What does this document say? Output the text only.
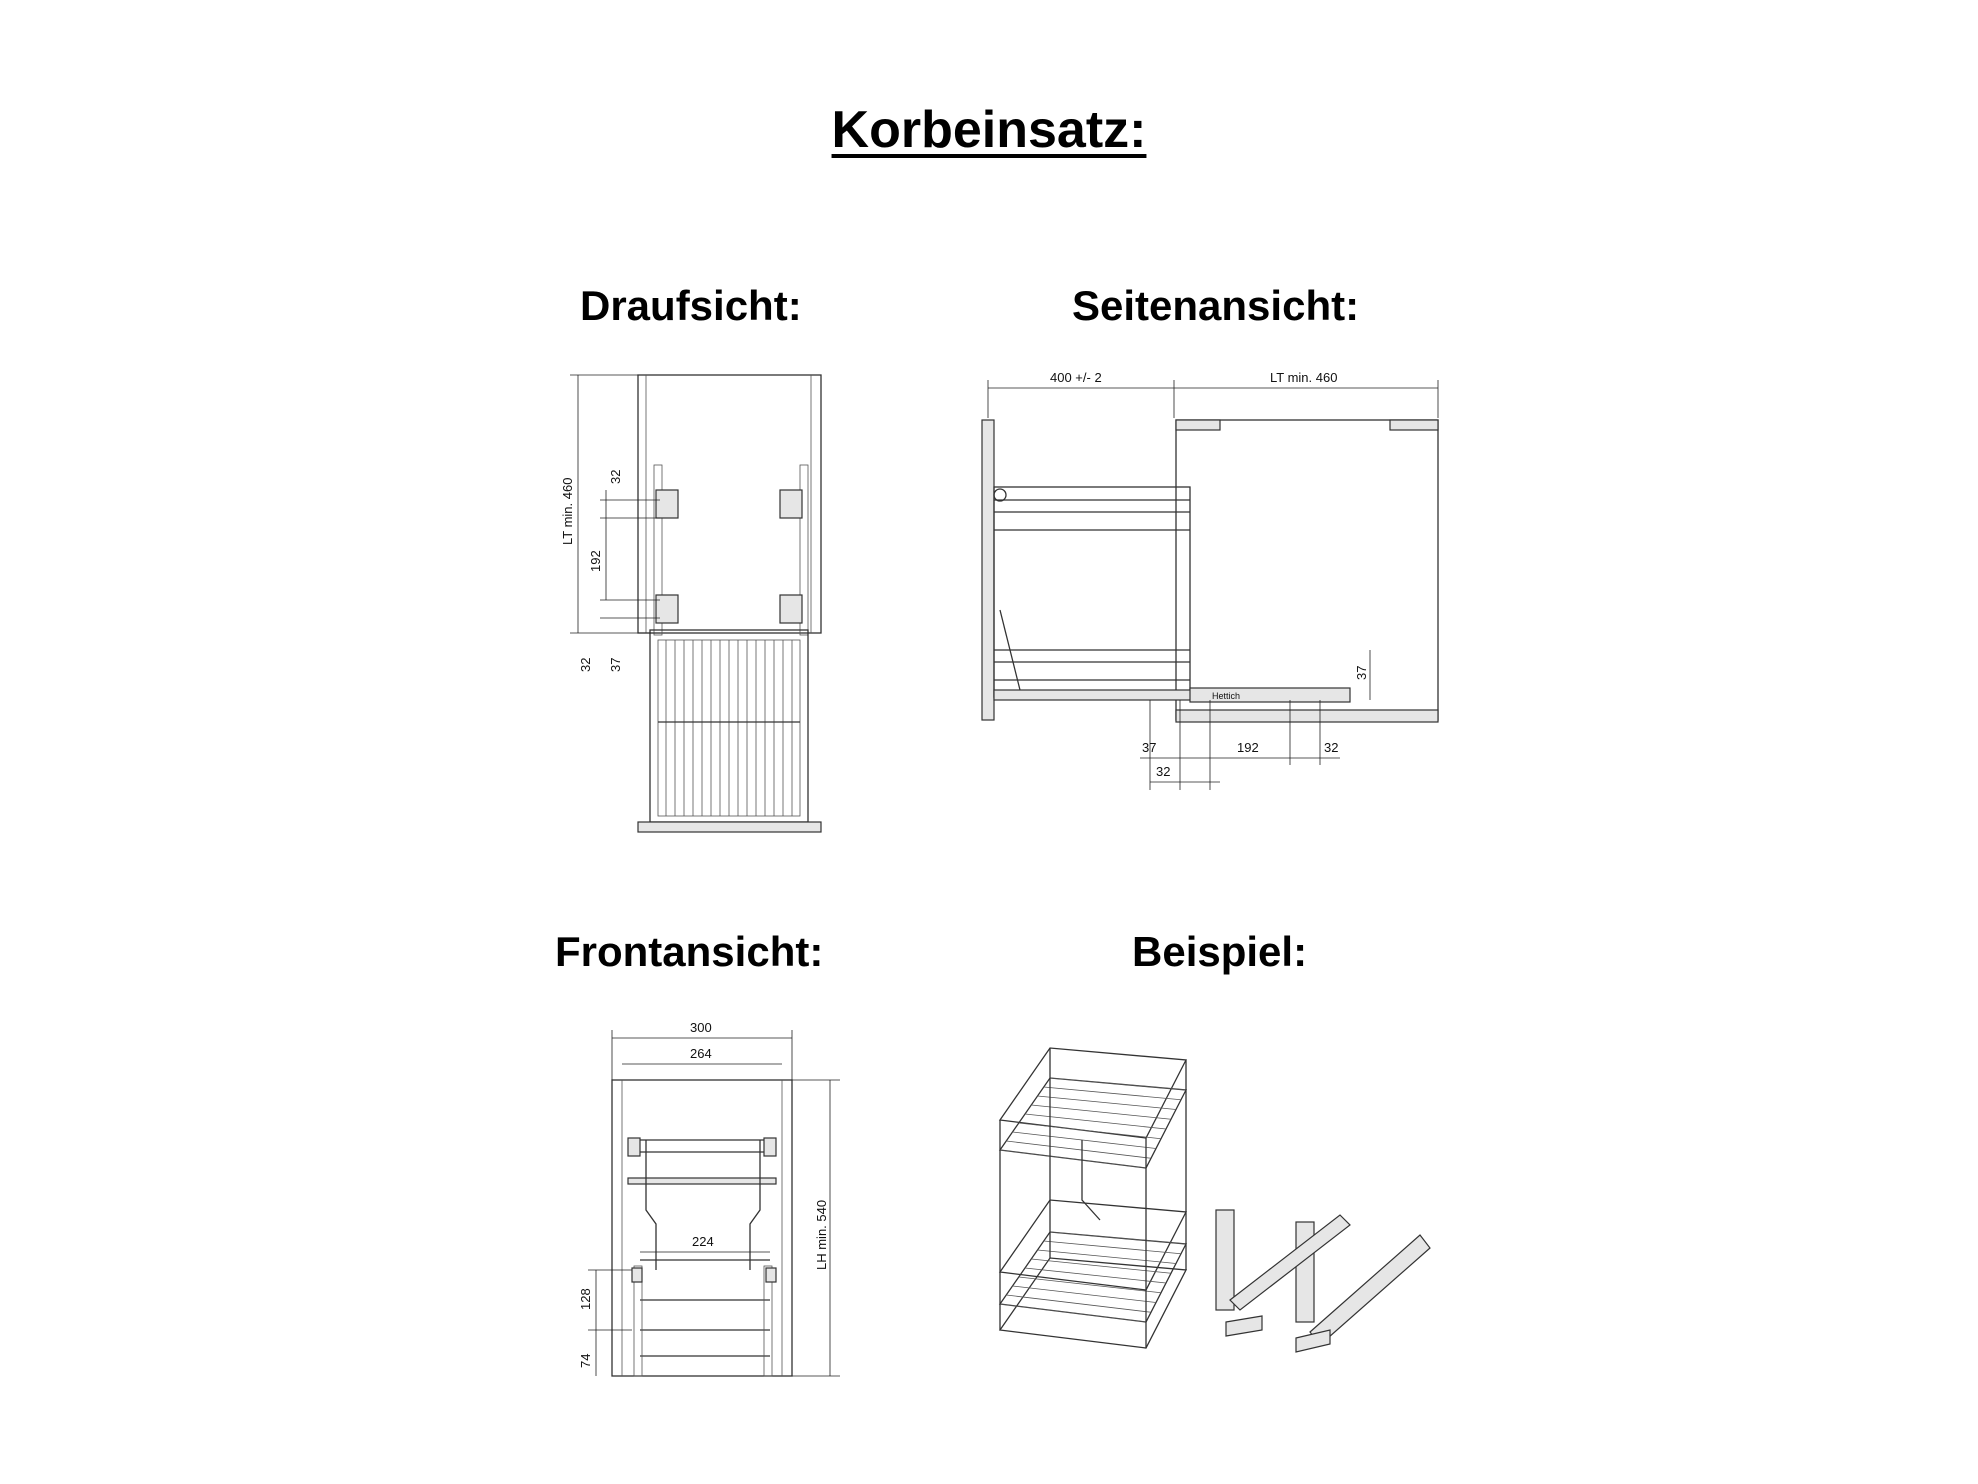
Korbeinsatz:
Draufsicht:	Seitenansicht:
Frontansicht:	Beispiel:
LT min. 460
32
192
32 37
Hettich
400 +/- 2	LT min. 460
37
37	192	32
32
300
264
224	LH min. 540
128
74
